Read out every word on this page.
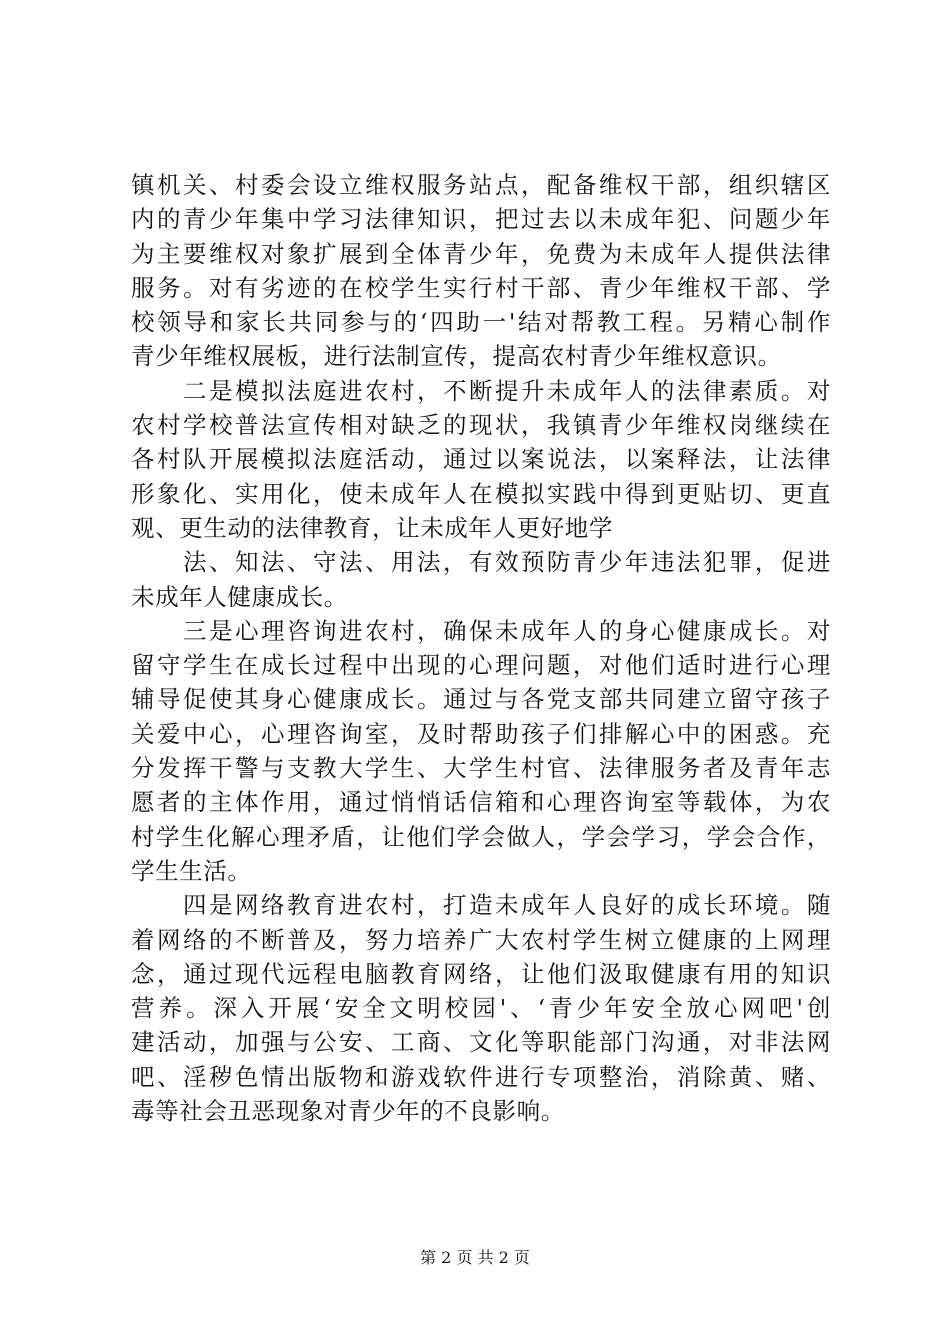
镇机关、村委会设立维权服务站点，配备维权干部，组织辖区
内的青少年集中学习法律知识，把过去以未成年犯、问题少年
为主要维权对象扩展到全体青少年，免费为未成年人提供法律
服务。对有劣迹的在校学生实行村干部、青少年维权干部、学
校领导和家长共同参与的‘四助一'结对帮教工程。另精心制作
青少年维权展板，进行法制宣传，提高农村青少年维权意识。
　　二是模拟法庭进农村，不断提升未成年人的法律素质。对
农村学校普法宣传相对缺乏的现状，我镇青少年维权岗继续在
各村队开展模拟法庭活动，通过以案说法，以案释法，让法律
形象化、实用化，使未成年人在模拟实践中得到更贴切、更直
观、更生动的法律教育，让未成年人更好地学
　　法、知法、守法、用法，有效预防青少年违法犯罪，促进
未成年人健康成长。
　　三是心理咨询进农村，确保未成年人的身心健康成长。对
留守学生在成长过程中出现的心理问题，对他们适时进行心理
辅导促使其身心健康成长。通过与各党支部共同建立留守孩子
关爱中心，心理咨询室，及时帮助孩子们排解心中的困惑。充
分发挥干警与支教大学生、大学生村官、法律服务者及青年志
愿者的主体作用，通过悄悄话信箱和心理咨询室等载体，为农
村学生化解心理矛盾，让他们学会做人，学会学习，学会合作，
学生生活。
　　四是网络教育进农村，打造未成年人良好的成长环境。随
着网络的不断普及，努力培养广大农村学生树立健康的上网理
念，通过现代远程电脑教育网络，让他们汲取健康有用的知识
营养。深入开展‘安全文明校园'、‘青少年安全放心网吧'创
建活动，加强与公安、工商、文化等职能部门沟通，对非法网
吧、淫秽色情出版物和游戏软件进行专项整治，消除黄、赌、
毒等社会丑恶现象对青少年的不良影响。
第 2 页 共 2 页
